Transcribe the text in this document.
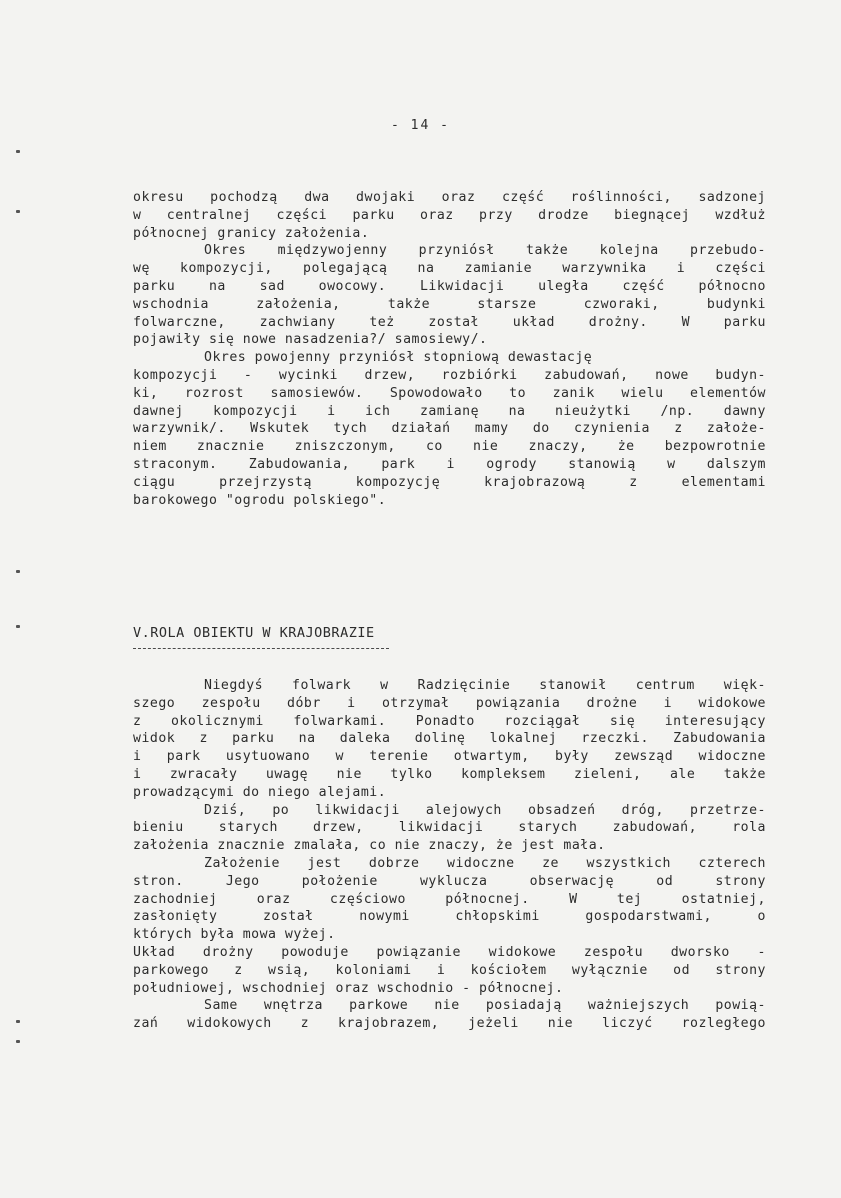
- 14 -
okresu pochodzą dwa dwojaki oraz część roślinności, sadzonej
w centralnej części parku oraz przy drodze biegnącej wzdłuż
północnej granicy założenia.
Okres międzywojenny przyniósł także kolejna przebudo-
wę kompozycji, polegającą na zamianie warzywnika i części
parku na sad owocowy. Likwidacji uległa część północno
wschodnia założenia, także starsze czworaki, budynki
folwarczne, zachwiany też został układ drożny. W parku
pojawiły się nowe nasadzenia?/ samosiewy/.
Okres powojenny przyniósł stopniową dewastację
kompozycji - wycinki drzew, rozbiórki zabudowań, nowe budyn-
ki, rozrost samosiewów. Spowodowało to zanik wielu elementów
dawnej kompozycji i ich zamianę na nieużytki /np. dawny
warzywnik/. Wskutek tych działań mamy do czynienia z założe-
niem znacznie zniszczonym, co nie znaczy, że bezpowrotnie
straconym. Zabudowania, park i ogrody stanowią w dalszym
ciągu przejrzystą kompozycję krajobrazową z elementami
barokowego "ogrodu polskiego".
V.ROLA OBIEKTU W KRAJOBRAZIE
Niegdyś folwark w Radzięcinie stanowił centrum więk-
szego zespołu dóbr i otrzymał powiązania drożne i widokowe
z okolicznymi folwarkami. Ponadto rozciągał się interesujący
widok z parku na daleka dolinę lokalnej rzeczki. Zabudowania
i park usytuowano w terenie otwartym, były zewsząd widoczne
i zwracały uwagę nie tylko kompleksem zieleni, ale także
prowadzącymi do niego alejami.
Dziś, po likwidacji alejowych obsadzeń dróg, przetrze-
bieniu starych drzew, likwidacji starych zabudowań, rola
założenia znacznie zmalała, co nie znaczy, że jest mała.
Założenie jest dobrze widoczne ze wszystkich czterech
stron. Jego położenie wyklucza obserwację od strony
zachodniej oraz częściowo północnej. W tej ostatniej,
zasłonięty został nowymi chłopskimi gospodarstwami, o
których była mowa wyżej.
Układ drożny powoduje powiązanie widokowe zespołu dworsko -
parkowego z wsią, koloniami i kościołem wyłącznie od strony
południowej, wschodniej oraz wschodnio - północnej.
Same wnętrza parkowe nie posiadają ważniejszych powią-
zań widokowych z krajobrazem, jeżeli nie liczyć rozległego
